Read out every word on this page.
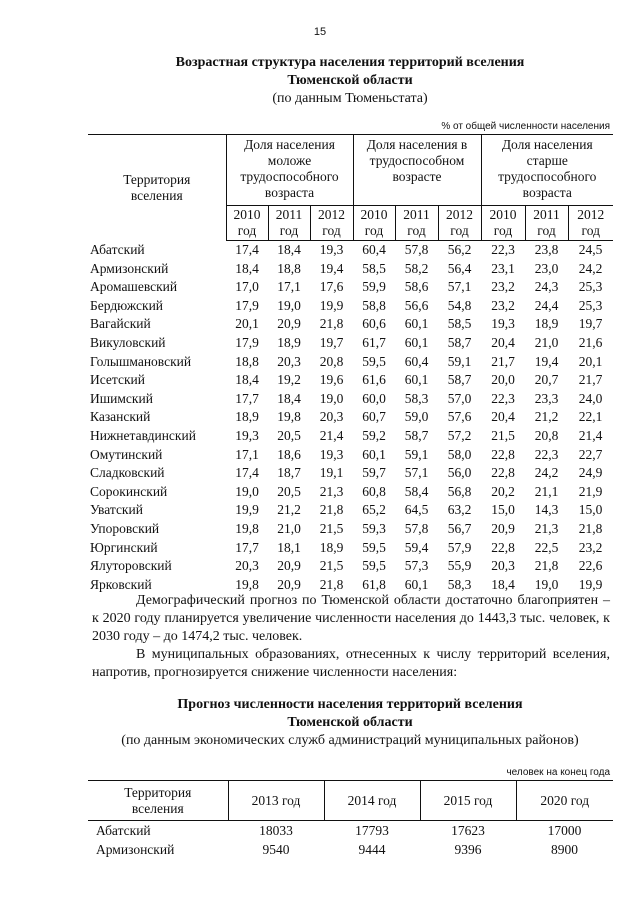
15
Возрастная структура населения территорий вселения
Тюменской области
(по данным Тюменьстата)
% от общей численности населения
Территория вселения	Доля населения моложе трудоспособного возраста			Доля населения в трудоспособном возрасте			Доля населения старше трудоспособного возраста		
	2010 год	2011 год	2012 год	2010 год	2011 год	2012 год	2010 год	2011 год	2012 год
Абатский	17,4	18,4	19,3	60,4	57,8	56,2	22,3	23,8	24,5
Армизонский	18,4	18,8	19,4	58,5	58,2	56,4	23,1	23,0	24,2
Аромашевский	17,0	17,1	17,6	59,9	58,6	57,1	23,2	24,3	25,3
Бердюжский	17,9	19,0	19,9	58,8	56,6	54,8	23,2	24,4	25,3
Вагайский	20,1	20,9	21,8	60,6	60,1	58,5	19,3	18,9	19,7
Викуловский	17,9	18,9	19,7	61,7	60,1	58,7	20,4	21,0	21,6
Голышмановский	18,8	20,3	20,8	59,5	60,4	59,1	21,7	19,4	20,1
Исетский	18,4	19,2	19,6	61,6	60,1	58,7	20,0	20,7	21,7
Ишимский	17,7	18,4	19,0	60,0	58,3	57,0	22,3	23,3	24,0
Казанский	18,9	19,8	20,3	60,7	59,0	57,6	20,4	21,2	22,1
Нижнетавдинский	19,3	20,5	21,4	59,2	58,7	57,2	21,5	20,8	21,4
Омутинский	17,1	18,6	19,3	60,1	59,1	58,0	22,8	22,3	22,7
Сладковский	17,4	18,7	19,1	59,7	57,1	56,0	22,8	24,2	24,9
Сорокинский	19,0	20,5	21,3	60,8	58,4	56,8	20,2	21,1	21,9
Уватский	19,9	21,2	21,8	65,2	64,5	63,2	15,0	14,3	15,0
Упоровский	19,8	21,0	21,5	59,3	57,8	56,7	20,9	21,3	21,8
Юргинский	17,7	18,1	18,9	59,5	59,4	57,9	22,8	22,5	23,2
Ялуторовский	20,3	20,9	21,5	59,5	57,3	55,9	20,3	21,8	22,6
Ярковский	19,8	20,9	21,8	61,8	60,1	58,3	18,4	19,0	19,9

Демографический прогноз по Тюменской области достаточно благоприятен – к 2020 году планируется увеличение численности населения до 1443,3 тыс. человек, к 2030 году – до 1474,2 тыс. человек.

В муниципальных образованиях, отнесенных к числу территорий вселения, напротив, прогнозируется снижение численности населения:

Прогноз численности населения территорий вселения
Тюменской области
(по данным экономических служб администраций муниципальных районов)
человек на конец года
Территория вселения	2013 год	2014 год	2015 год	2020 год
Абатский	18033	17793	17623	17000
Армизонский	9540	9444	9396	8900
